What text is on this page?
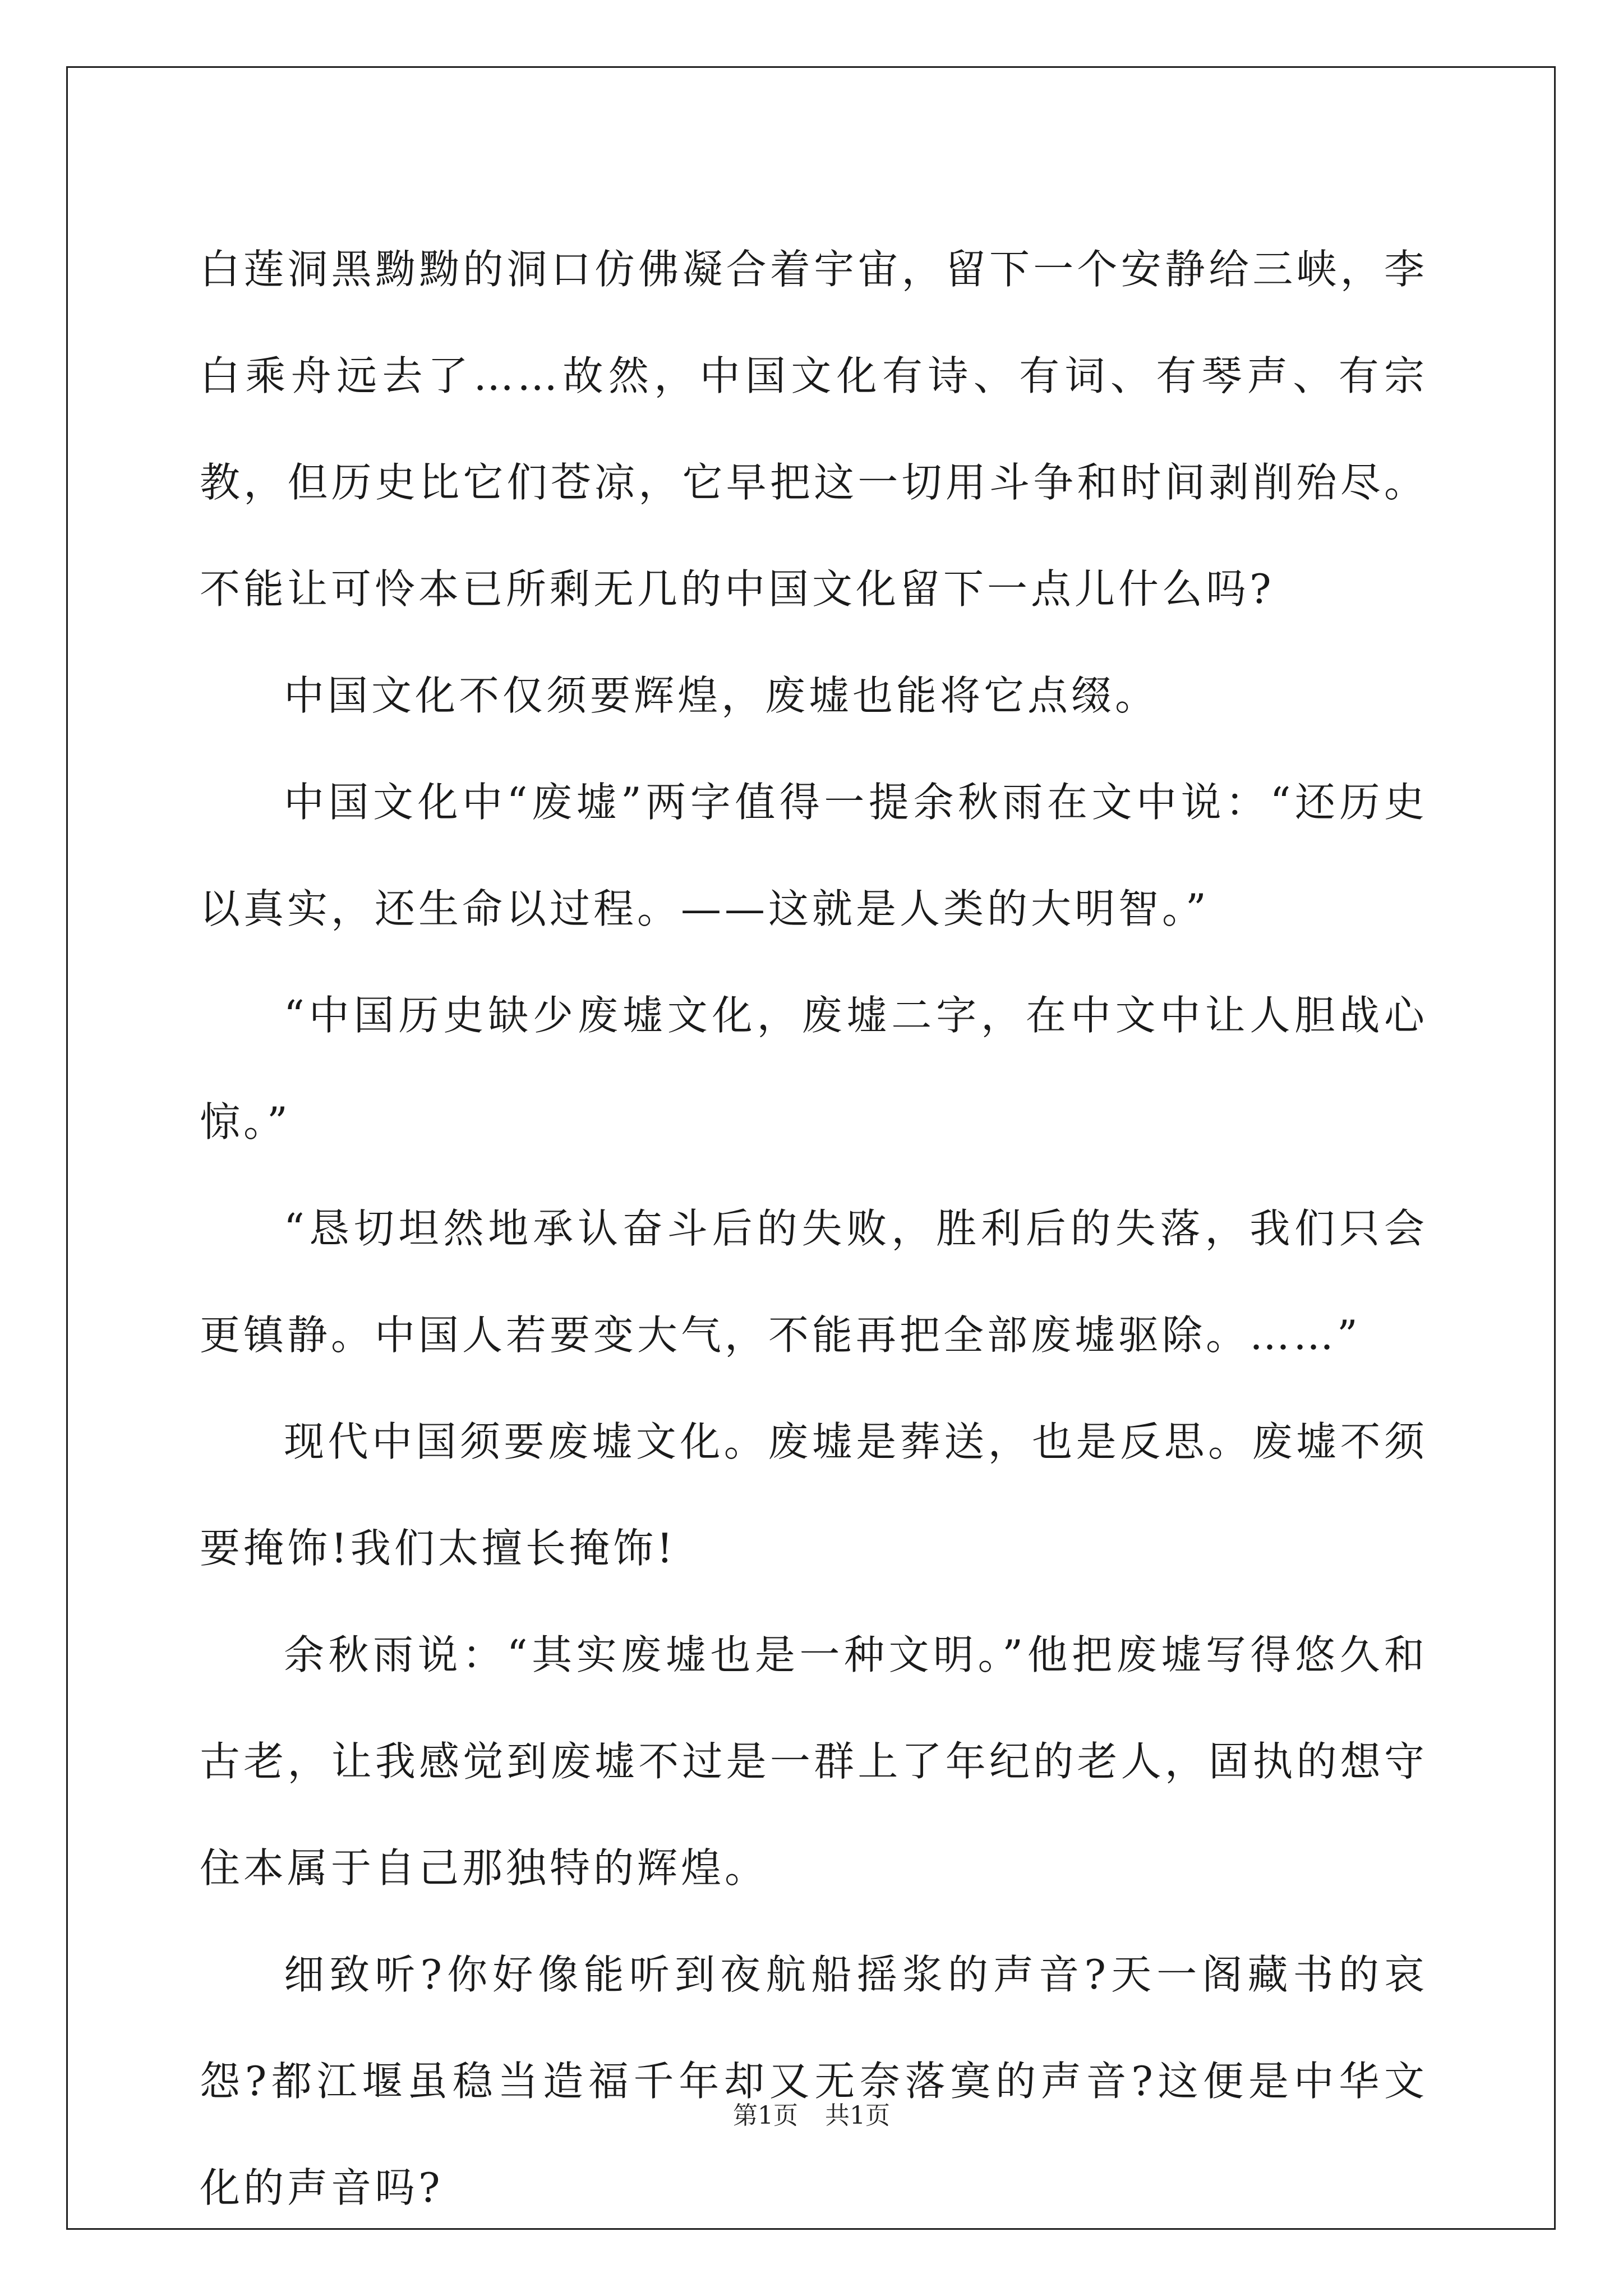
白莲洞黑黝黝的洞口仿佛凝合着宇宙，留下一个安静给三峡，李白乘舟远去了……故然，中国文化有诗、有词、有琴声、有宗教，但历史比它们苍凉，它早把这一切用斗争和时间剥削殆尽。不能让可怜本已所剩无几的中国文化留下一点儿什么吗?

中国文化不仅须要辉煌，废墟也能将它点缀。

中国文化中“废墟”两字值得一提余秋雨在文中说：“还历史以真实，还生命以过程。——这就是人类的大明智。”

“中国历史缺少废墟文化，废墟二字，在中文中让人胆战心惊。”

“恳切坦然地承认奋斗后的失败，胜利后的失落，我们只会更镇静。中国人若要变大气，不能再把全部废墟驱除。……”

现代中国须要废墟文化。废墟是葬送，也是反思。废墟不须要掩饰!我们太擅长掩饰!

余秋雨说：“其实废墟也是一种文明。”他把废墟写得悠久和古老，让我感觉到废墟不过是一群上了年纪的老人，固执的想守住本属于自己那独特的辉煌。

细致听?你好像能听到夜航船摇浆的声音?天一阁藏书的哀怨?都江堰虽稳当造福千年却又无奈落寞的声音?这便是中华文化的声音吗?

第1页 共1页
